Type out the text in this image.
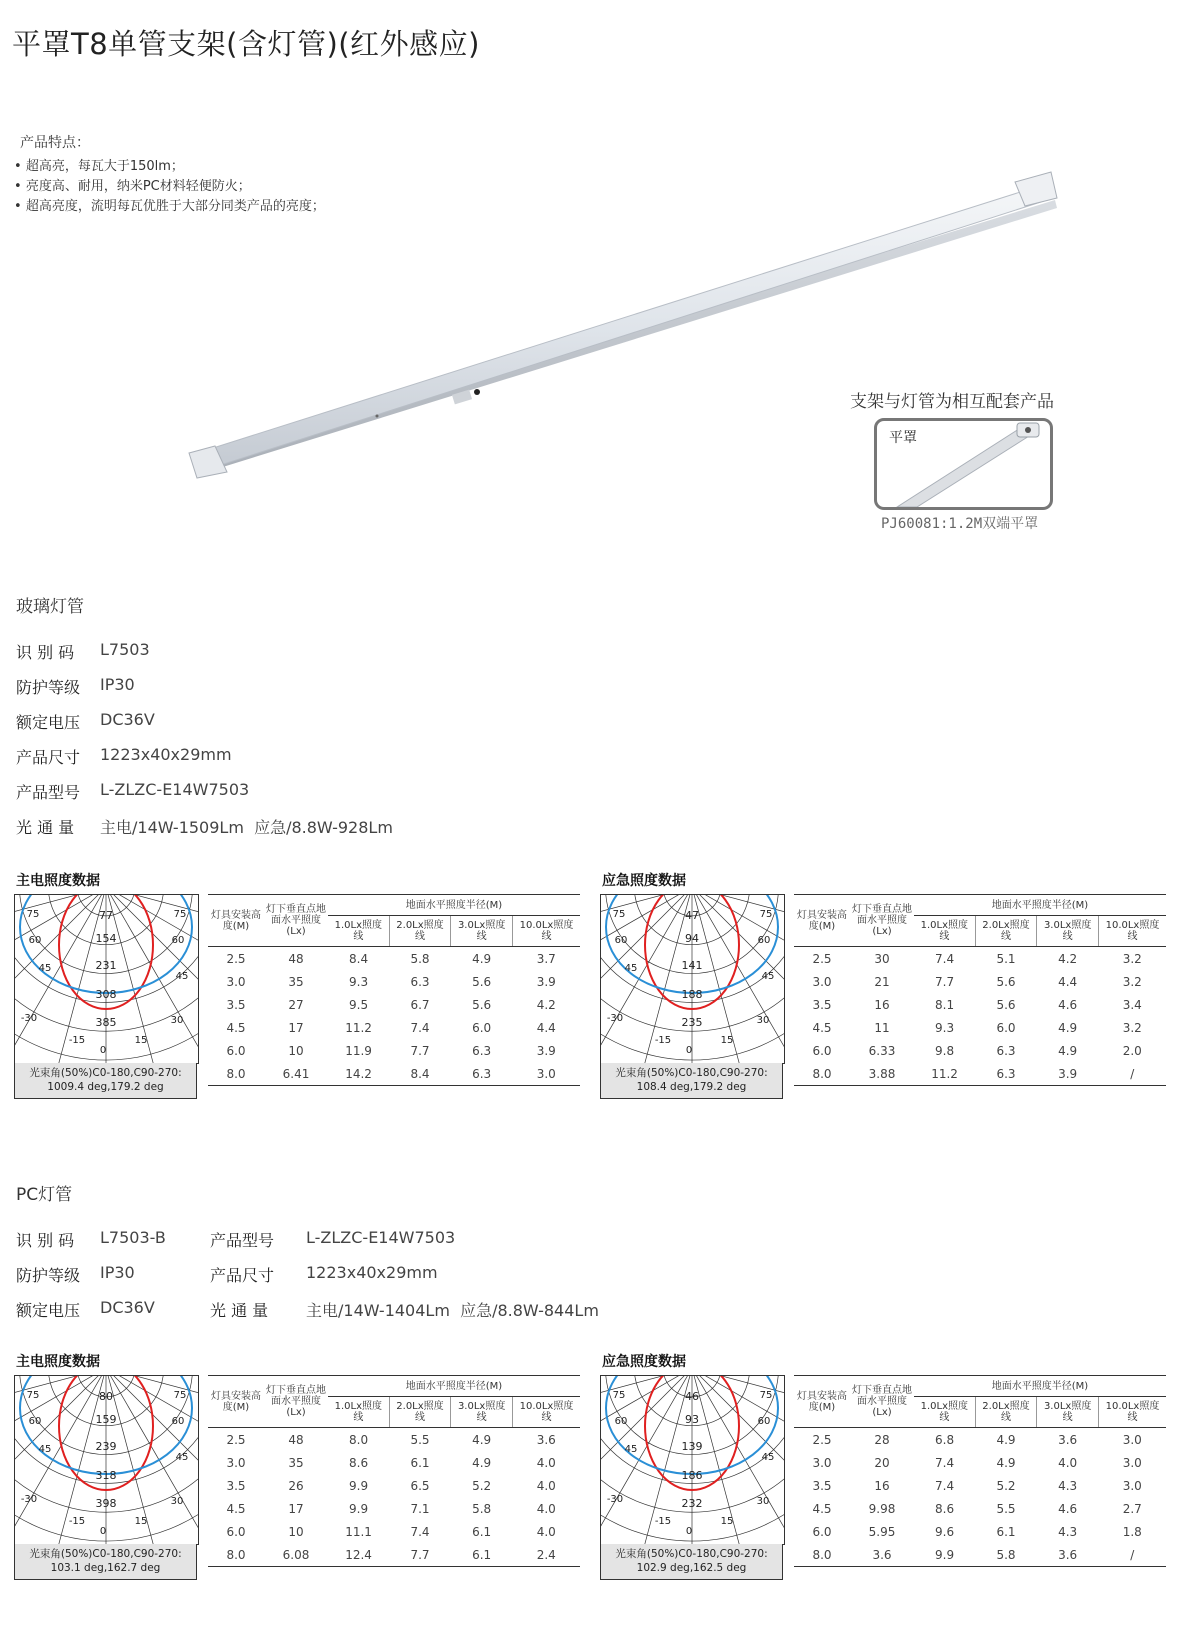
平罩T8单管支架(含灯管)(红外感应)
产品特点：
• 超高亮，每瓦大于150lm；
• 亮度高、耐用，纳米PC材料轻便防火；
• 超高亮度，流明每瓦优胜于大部分同类产品的亮度；
支架与灯管为相互配套产品
平罩
PJ60081:1.2M双端平罩
玻璃灯管
识 别 码 L7503
防护等级 IP30
额定电压 DC36V
产品尺寸 1223x40x29mm
产品型号 L-ZLZC-E14W7503
光 通 量 主电/14W-1509Lm  应急/8.8W-928Lm
PC灯管
识 别 码 L7503-B
防护等级 IP30
额定电压 DC36V
产品型号 L-ZLZC-E14W7503
产品尺寸 1223x40x29mm
光 通 量 主电/14W-1404Lm  应急/8.8W-844Lm
主电照度数据
77
154
231
308
385
75	75
60	60
45
45
-30	30
-15	15
0
光束角(50%)C0-180,C90-270:
1009.4 deg,179.2 deg
灯具安装高度(M)	灯下垂直点地面水平照度(Lx)	地面水平照度半径(M)			
		1.0Lx照度线	2.0Lx照度线	3.0Lx照度线	10.0Lx照度线
2.5	48	8.4	5.8	4.9	3.7
3.0	35	9.3	6.3	5.6	3.9
3.5	27	9.5	6.7	5.6	4.2
4.5	17	11.2	7.4	6.0	4.4
6.0	10	11.9	7.7	6.3	3.9
8.0	6.41	14.2	8.4	6.3	3.0
应急照度数据
47
94
141
188
235
75	75
60	60
45
45
-30	30
-15	15
0
光束角(50%)C0-180,C90-270:
108.4 deg,179.2 deg
灯具安装高度(M)	灯下垂直点地面水平照度(Lx)	地面水平照度半径(M)			
		1.0Lx照度线	2.0Lx照度线	3.0Lx照度线	10.0Lx照度线
2.5	30	7.4	5.1	4.2	3.2
3.0	21	7.7	5.6	4.4	3.2
3.5	16	8.1	5.6	4.6	3.4
4.5	11	9.3	6.0	4.9	3.2
6.0	6.33	9.8	6.3	4.9	2.0
8.0	3.88	11.2	6.3	3.9	/
主电照度数据
80
159
239
318
398
75	75
60	60
45
45
-30	30
-15	15
0
光束角(50%)C0-180,C90-270:
103.1 deg,162.7 deg
灯具安装高度(M)	灯下垂直点地面水平照度(Lx)	地面水平照度半径(M)			
		1.0Lx照度线	2.0Lx照度线	3.0Lx照度线	10.0Lx照度线
2.5	48	8.0	5.5	4.9	3.6
3.0	35	8.6	6.1	4.9	4.0
3.5	26	9.9	6.5	5.2	4.0
4.5	17	9.9	7.1	5.8	4.0
6.0	10	11.1	7.4	6.1	4.0
8.0	6.08	12.4	7.7	6.1	2.4
应急照度数据
46
93
139
186
232
75	75
60	60
45
45
-30	30
-15	15
0
光束角(50%)C0-180,C90-270:
102.9 deg,162.5 deg
灯具安装高度(M)	灯下垂直点地面水平照度(Lx)	地面水平照度半径(M)			
		1.0Lx照度线	2.0Lx照度线	3.0Lx照度线	10.0Lx照度线
2.5	28	6.8	4.9	3.6	3.0
3.0	20	7.4	4.9	4.0	3.0
3.5	16	7.4	5.2	4.3	3.0
4.5	9.98	8.6	5.5	4.6	2.7
6.0	5.95	9.6	6.1	4.3	1.8
8.0	3.6	9.9	5.8	3.6	/
